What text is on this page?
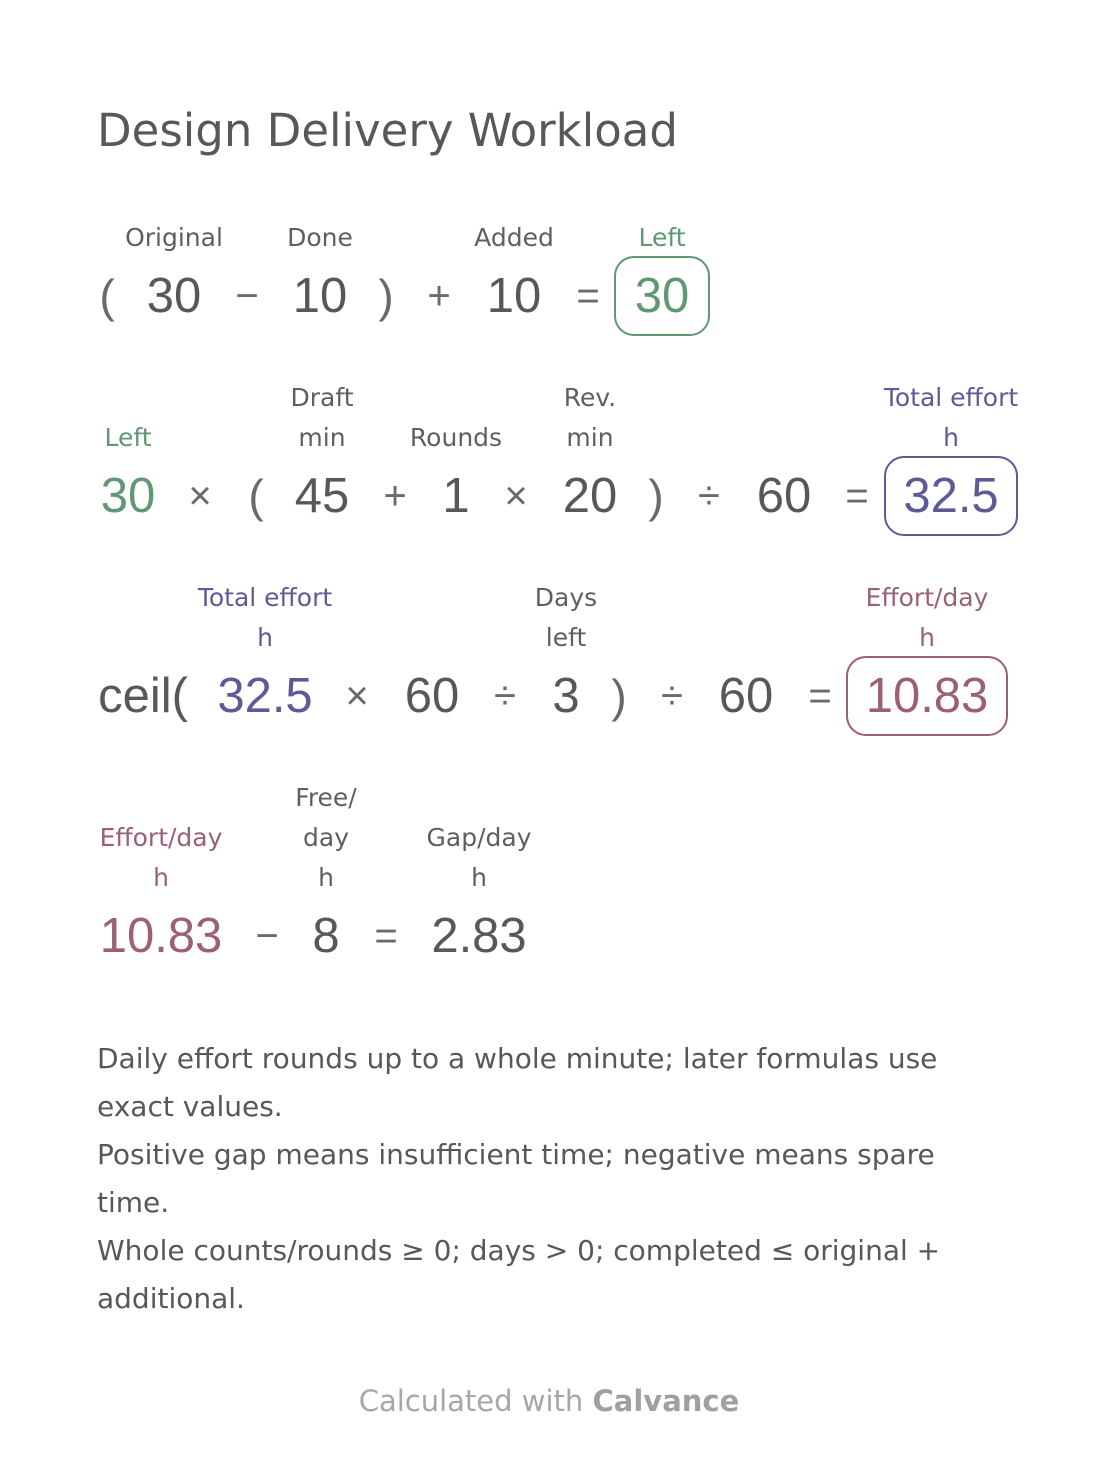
Design Delivery Workload
Original	Done	Added	Left
( 30 − 10 ) + 10 = 30
Left
Draft
min	Rounds
Rev.
min
Total effort
h
30 × ( 45 + 1 × 20 ) ÷ 60 = 32.5
Total effort
h
Days
left
Effort/day
h
ceil( 32.5 × 60 ÷ 3 ) ÷ 60 = 10.83
Effort/day
h
Free/
day
h
Gap/day
h
10.83 − 8 = 2.83
Daily effort rounds up to a whole minute; later formulas use exact values.
Positive gap means insufficient time; negative means spare time.
Whole counts/rounds ≥ 0; days > 0; completed ≤ original + additional.
Calculated with Calvance
